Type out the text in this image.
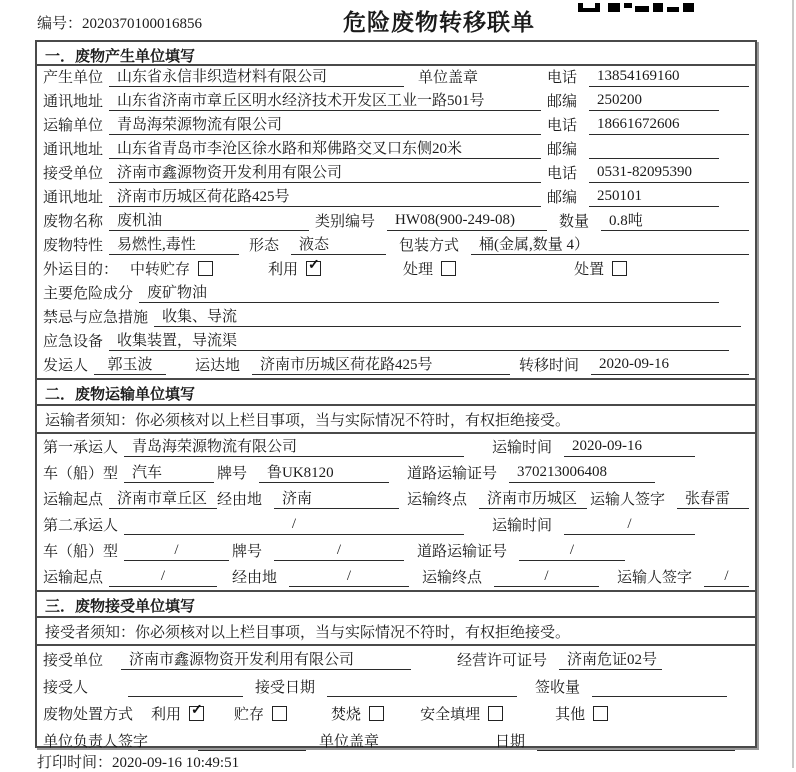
编号：2020370100016856	危险废物转移联单
一．废物产生单位填写
产生单位 山东省永信非织造材料有限公司	单位盖章	电话	13854169160
通讯地址 山东省济南市章丘区明水经济技术开发区工业一路501号	邮编	250200
运输单位 青岛海荣源物流有限公司	电话	18661672606
通讯地址 山东省青岛市李沧区徐水路和郑佛路交叉口东侧20米	邮编
接受单位 济南市鑫源物资开发利用有限公司	电话	0531-82095390
通讯地址 济南市历城区荷花路425号	邮编	250101
废物名称 废机油	类别编号	HW08(900-249-08)	数量	0.8吨
废物特性 易燃性,毒性	形态	液态	包装方式	桶(金属,数量 4）
外运目的： 中转贮存	利用 ✓	处理	处置
主要危险成分 废矿物油
禁忌与应急措施 收集、导流
应急设备 收集装置，导流渠
发运人	郭玉波	运达地	济南市历城区荷花路425号	转移时间	2020-09-16
二．废物运输单位填写
运输者须知：你必须核对以上栏目事项，当与实际情况不符时，有权拒绝接受。
第一承运人 青岛海荣源物流有限公司	运输时间	2020-09-16
车（船）型 汽车	牌号	鲁UK8120	道路运输证号	370213006408
运输起点 济南市章丘区 经由地	济南	运输终点	济南市历城区 运输人签字	张春雷
第二承运人	/	运输时间	/
车（船）型	/	牌号	/	道路运输证号	/
运输起点	/	经由地	/	运输终点	/	运输人签字	/
三．废物接受单位填写
接受者须知：你必须核对以上栏目事项，当与实际情况不符时，有权拒绝接受。
接受单位	济南市鑫源物资开发利用有限公司	经营许可证号	济南危证02号
接受人	接受日期	签收量
废物处置方式 利用 ✓	贮存	焚烧	安全填埋	其他
单位负责人签字	单位盖章	日期
打印时间：2020-09-16 10:49:51
